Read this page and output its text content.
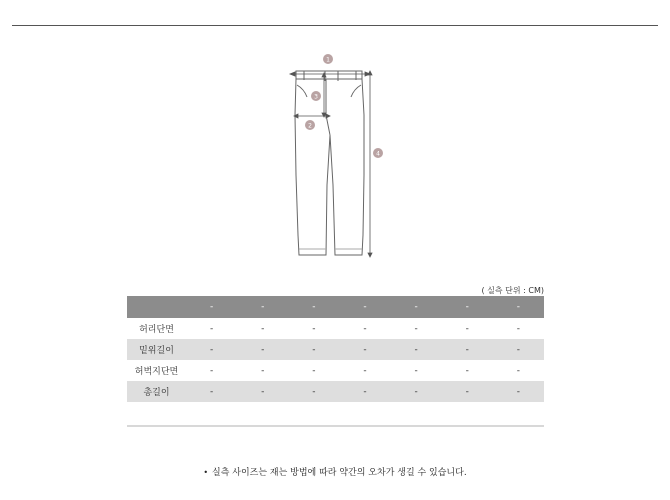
1
3
2
4
( 실측 단위 : CM)
	-	-	-	-	-	-	-
허리단면	-	-	-	-	-	-	-
밑위길이	-	-	-	-	-	-	-
허벅지단면	-	-	-	-	-	-	-
총길이	-	-	-	-	-	-	-
• 실측 사이즈는 재는 방법에 따라 약간의 오차가 생길 수 있습니다.
